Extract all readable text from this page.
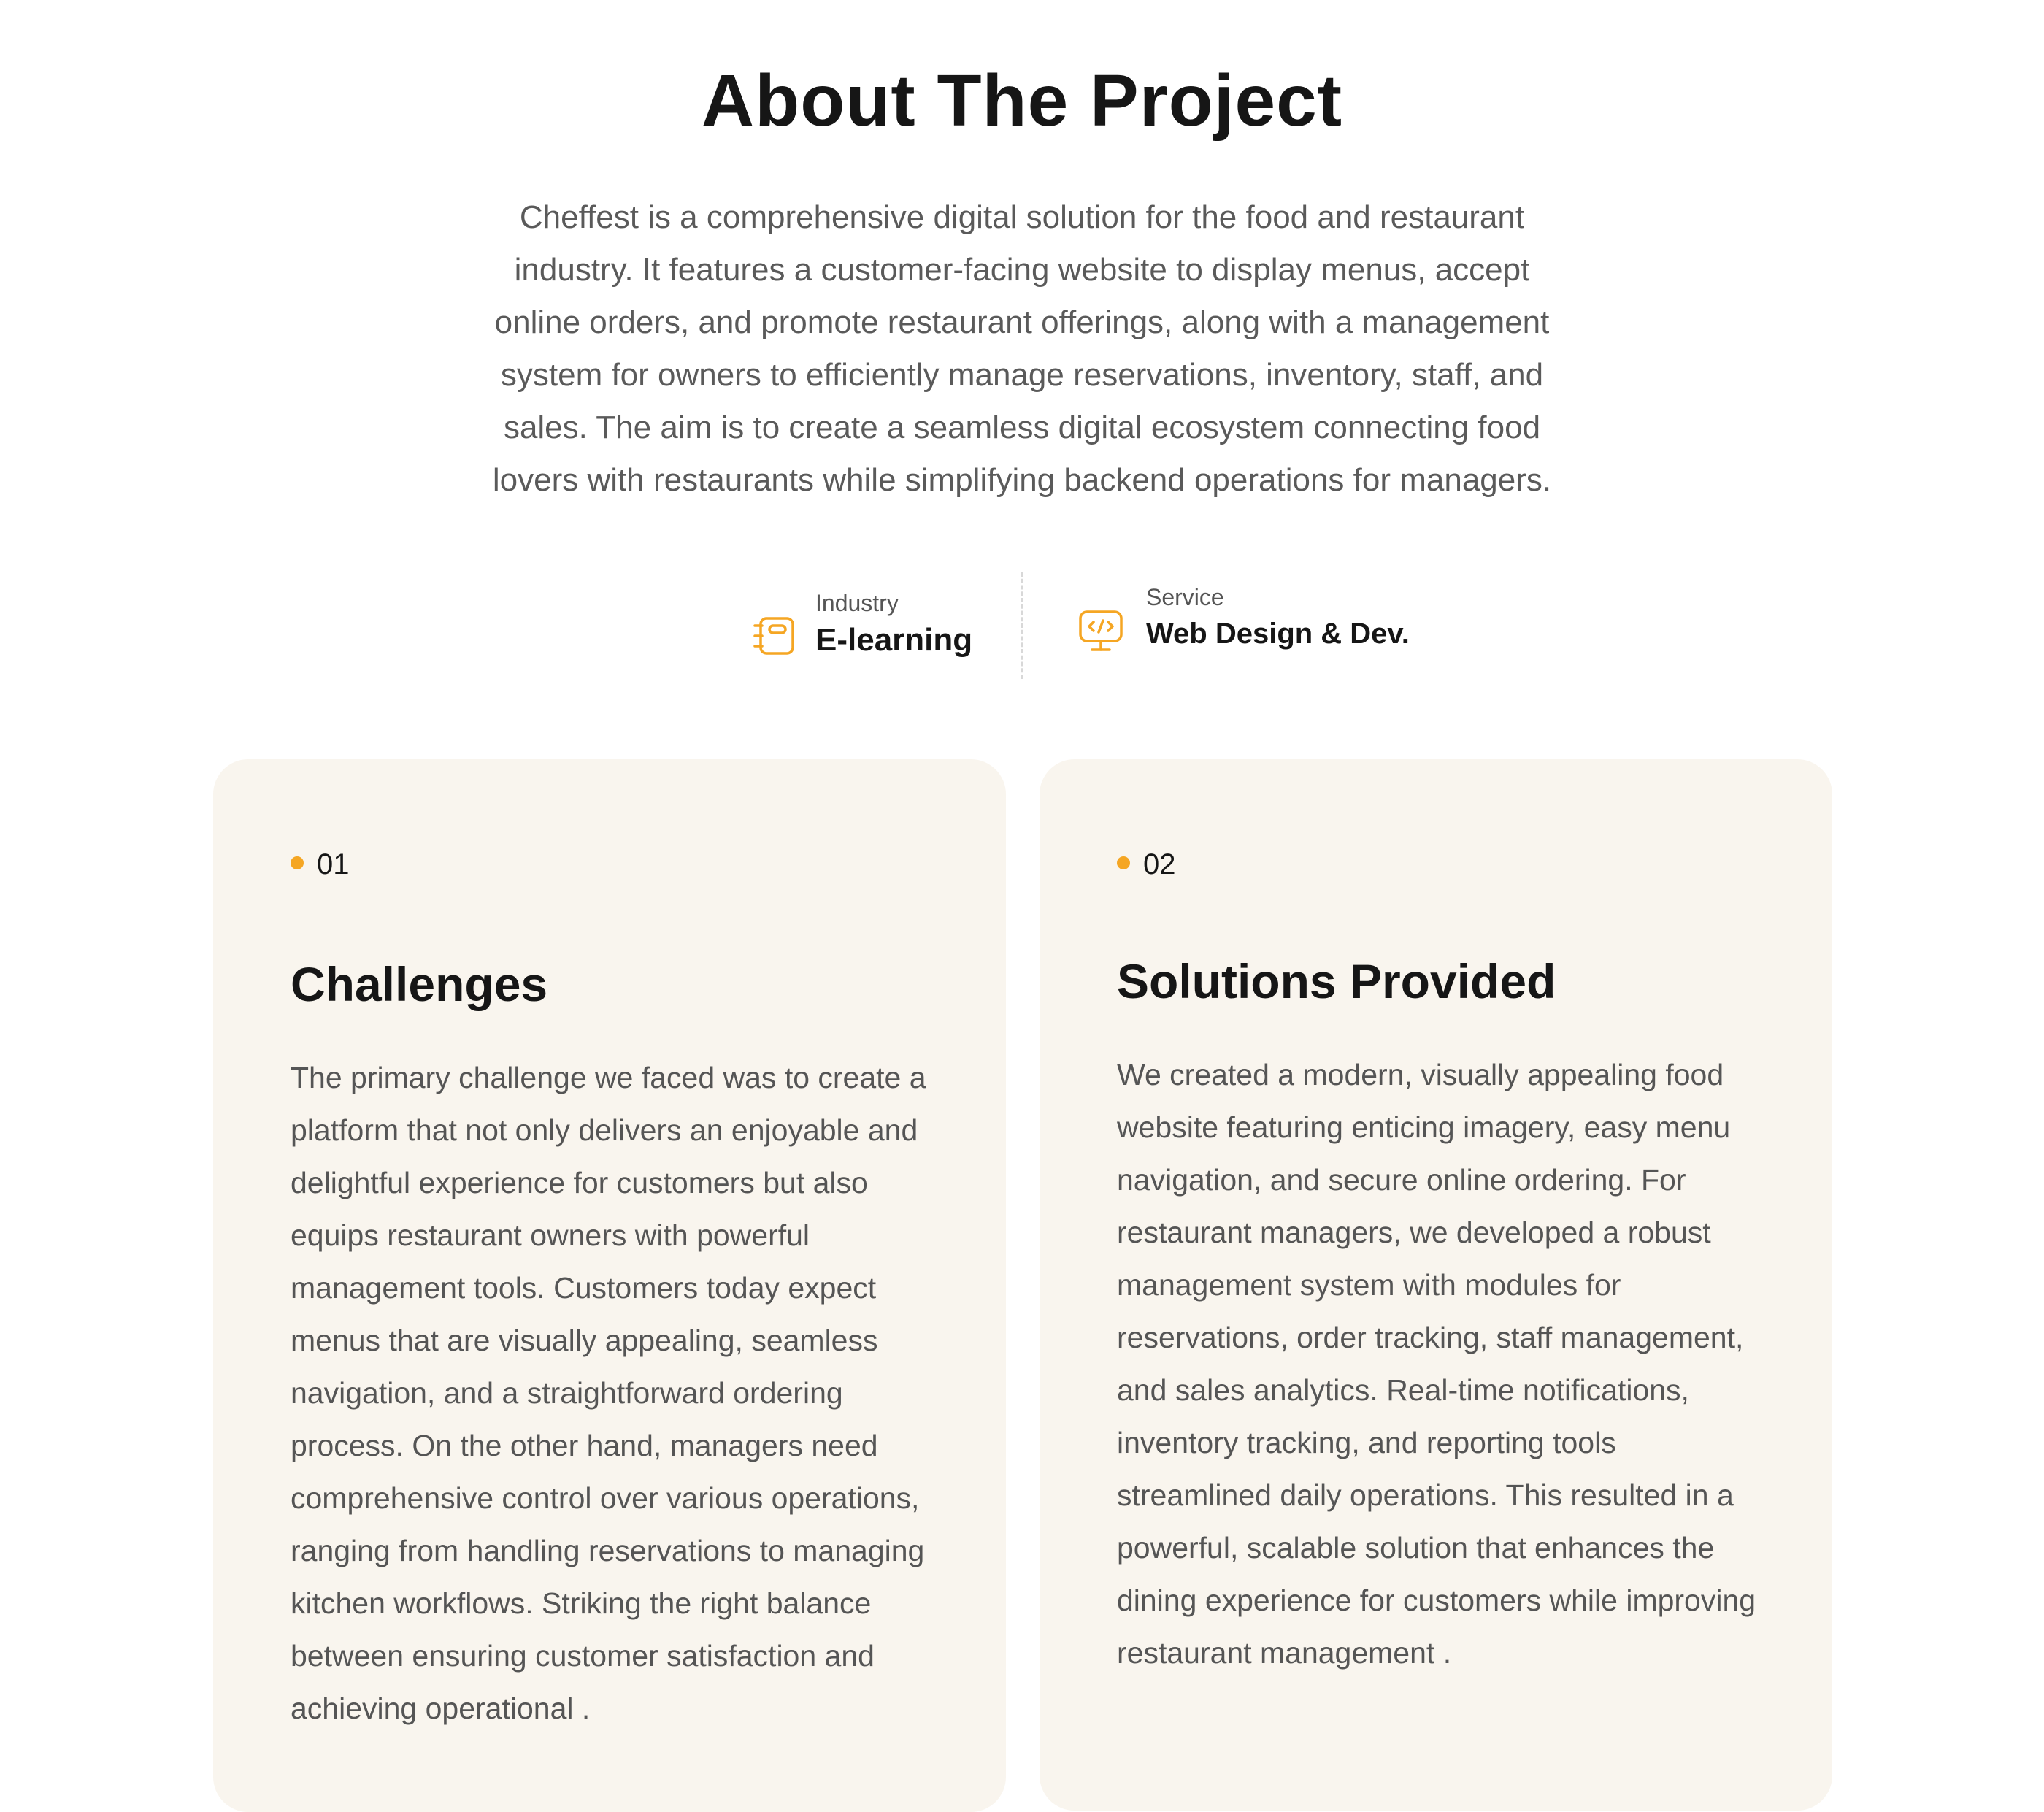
About The Project

Cheffest is a comprehensive digital solution for the food and restaurant industry. It features a customer-facing website to display menus, accept online orders, and promote restaurant offerings, along with a management system for owners to efficiently manage reservations, inventory, staff, and sales. The aim is to create a seamless digital ecosystem connecting food lovers with restaurants while simplifying backend operations for managers.

Industry
E-learning
Service
Web Design & Dev.
01
Challenges

The primary challenge we faced was to create a platform that not only delivers an enjoyable and delightful experience for customers but also equips restaurant owners with powerful management tools. Customers today expect menus that are visually appealing, seamless navigation, and a straightforward ordering process. On the other hand, managers need comprehensive control over various operations, ranging from handling reservations to managing kitchen workflows. Striking the right balance between ensuring customer satisfaction and achieving operational .

02
Solutions Provided

We created a modern, visually appealing food website featuring enticing imagery, easy menu navigation, and secure online ordering. For restaurant managers, we developed a robust management system with modules for reservations, order tracking, staff management, and sales analytics. Real-time notifications, inventory tracking, and reporting tools streamlined daily operations. This resulted in a powerful, scalable solution that enhances the dining experience for customers while improving restaurant management .
